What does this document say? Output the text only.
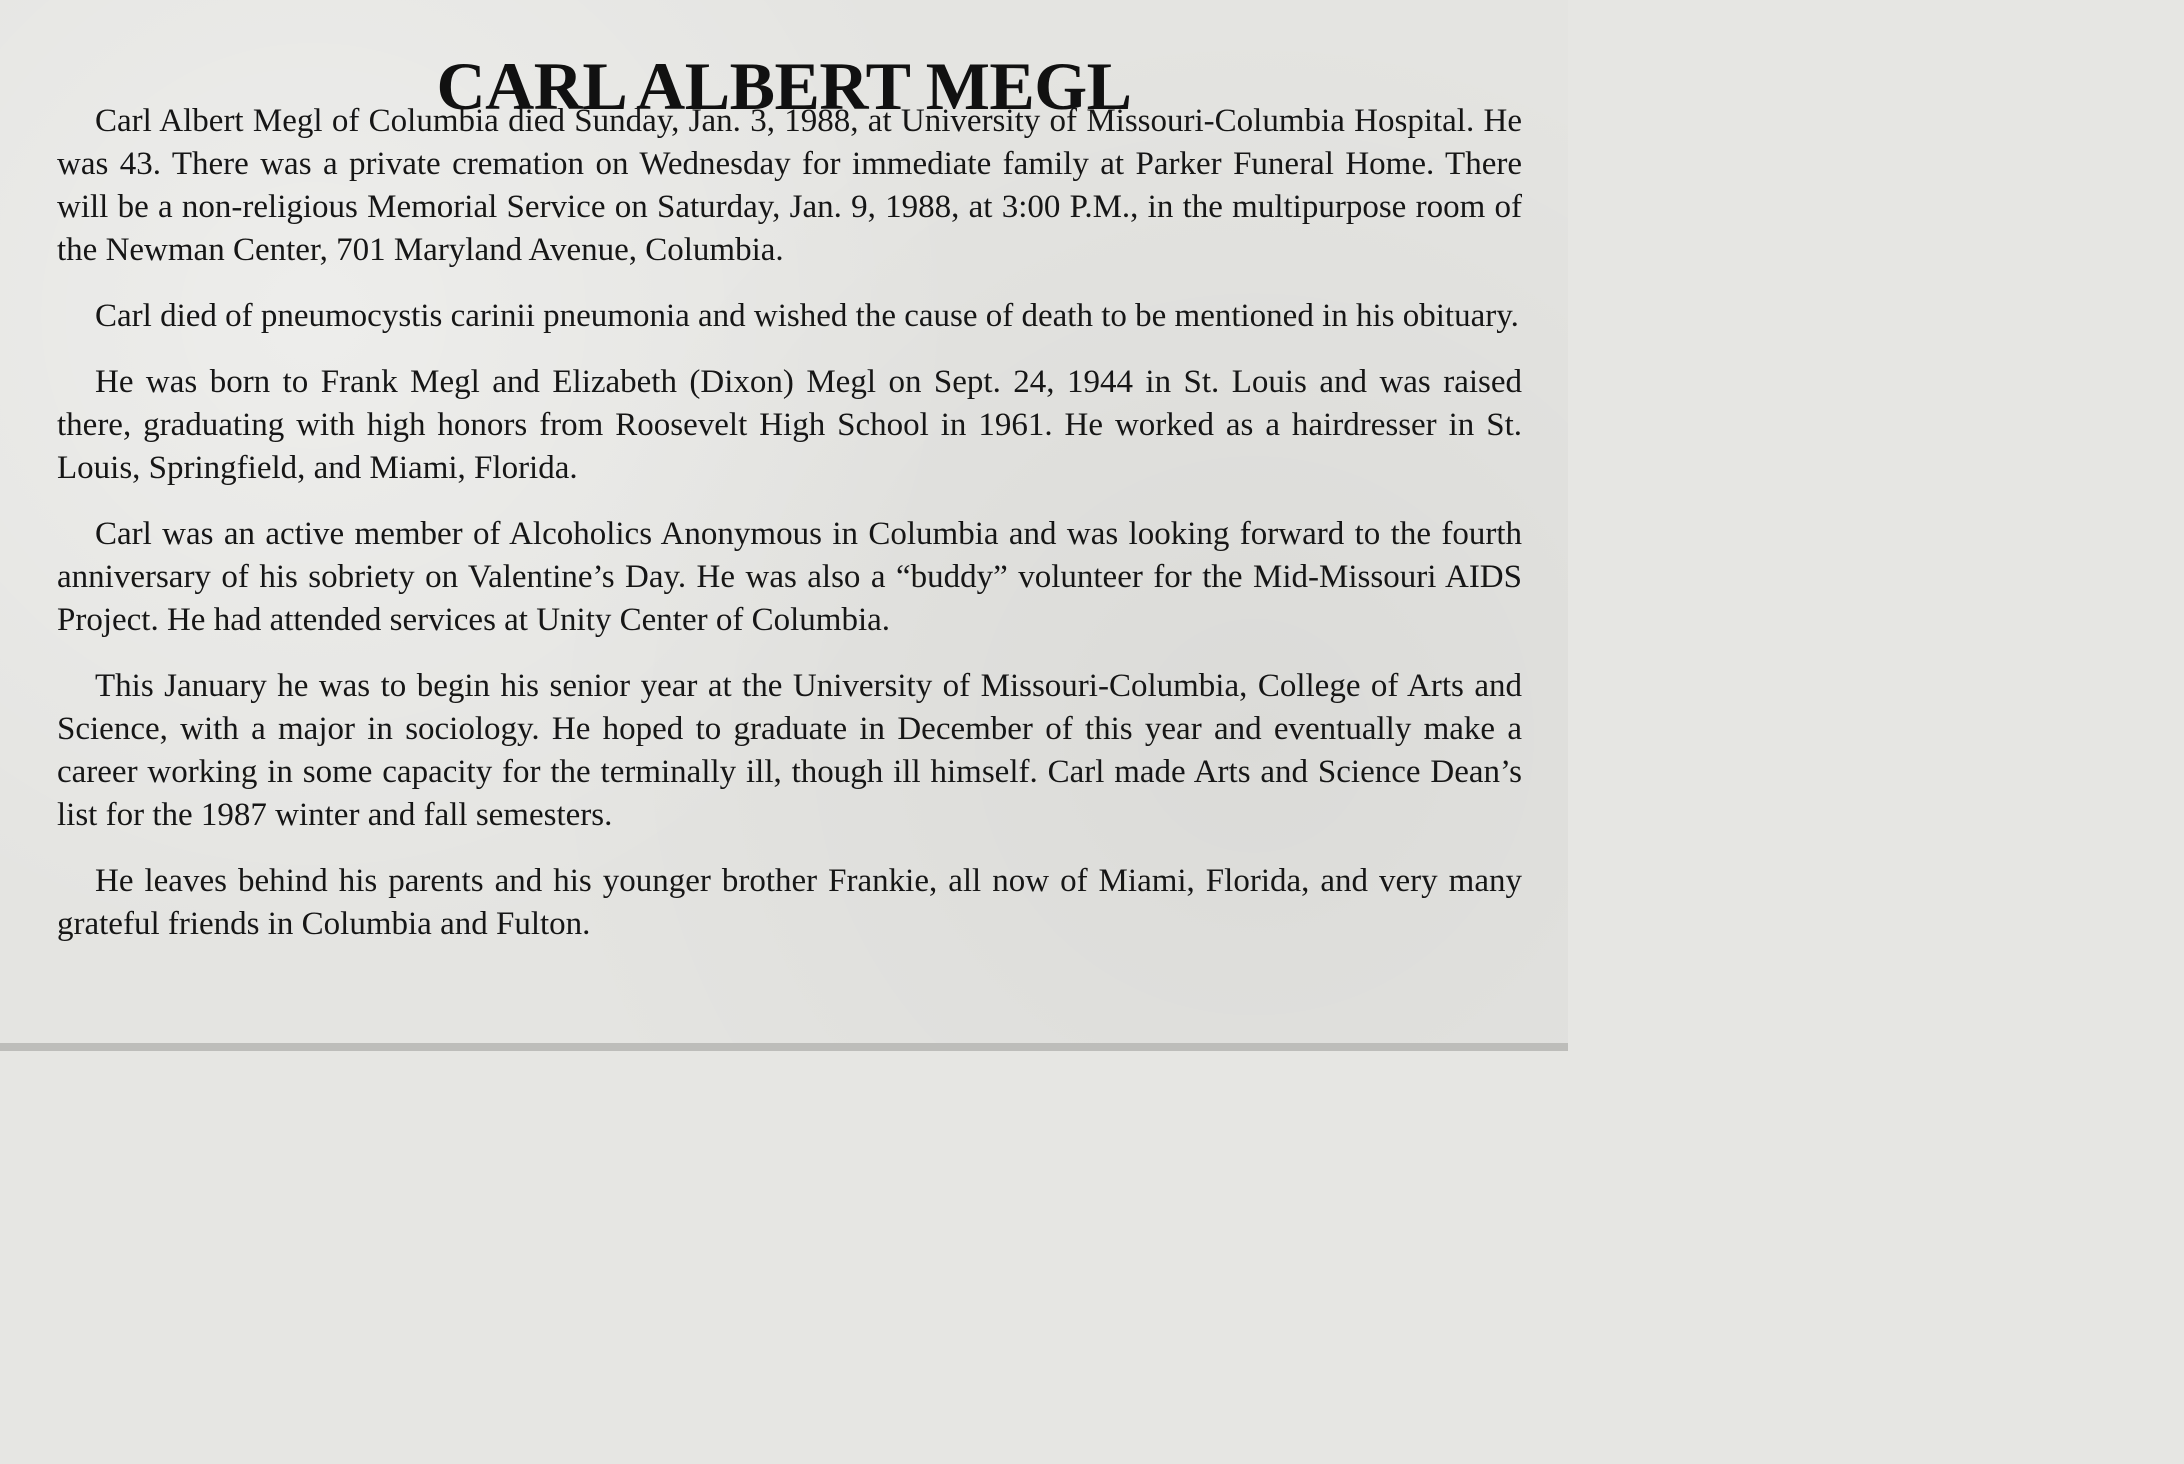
CARL ALBERT MEGL

Carl Albert Megl of Columbia died Sunday, Jan. 3, 1988, at University of Missouri-Columbia Hospital. He was 43. There was a private cremation on Wednesday for immediate family at Parker Funeral Home. There will be a non-religious Memorial Service on Saturday, Jan. 9, 1988, at 3:00 P.M., in the multipurpose room of the Newman Center, 701 Maryland Avenue, Columbia.

Carl died of pneumocystis carinii pneumonia and wished the cause of death to be mentioned in his obituary.

He was born to Frank Megl and Elizabeth (Dixon) Megl on Sept. 24, 1944 in St. Louis and was raised there, graduating with high honors from Roosevelt High School in 1961. He worked as a hairdresser in St. Louis, Springfield, and Miami, Florida.

Carl was an active member of Alcoholics Anonymous in Columbia and was looking forward to the fourth anniversary of his sobriety on Valentine’s Day. He was also a “buddy” volunteer for the Mid-Missouri AIDS Project. He had attended services at Unity Center of Columbia.

This January he was to begin his senior year at the University of Missouri-Columbia, College of Arts and Science, with a major in sociology. He hoped to graduate in December of this year and eventually make a career working in some capacity for the terminally ill, though ill himself. Carl made Arts and Science Dean’s list for the 1987 winter and fall semesters.

He leaves behind his parents and his younger brother Frankie, all now of Miami, Florida, and very many grateful friends in Columbia and Fulton.
